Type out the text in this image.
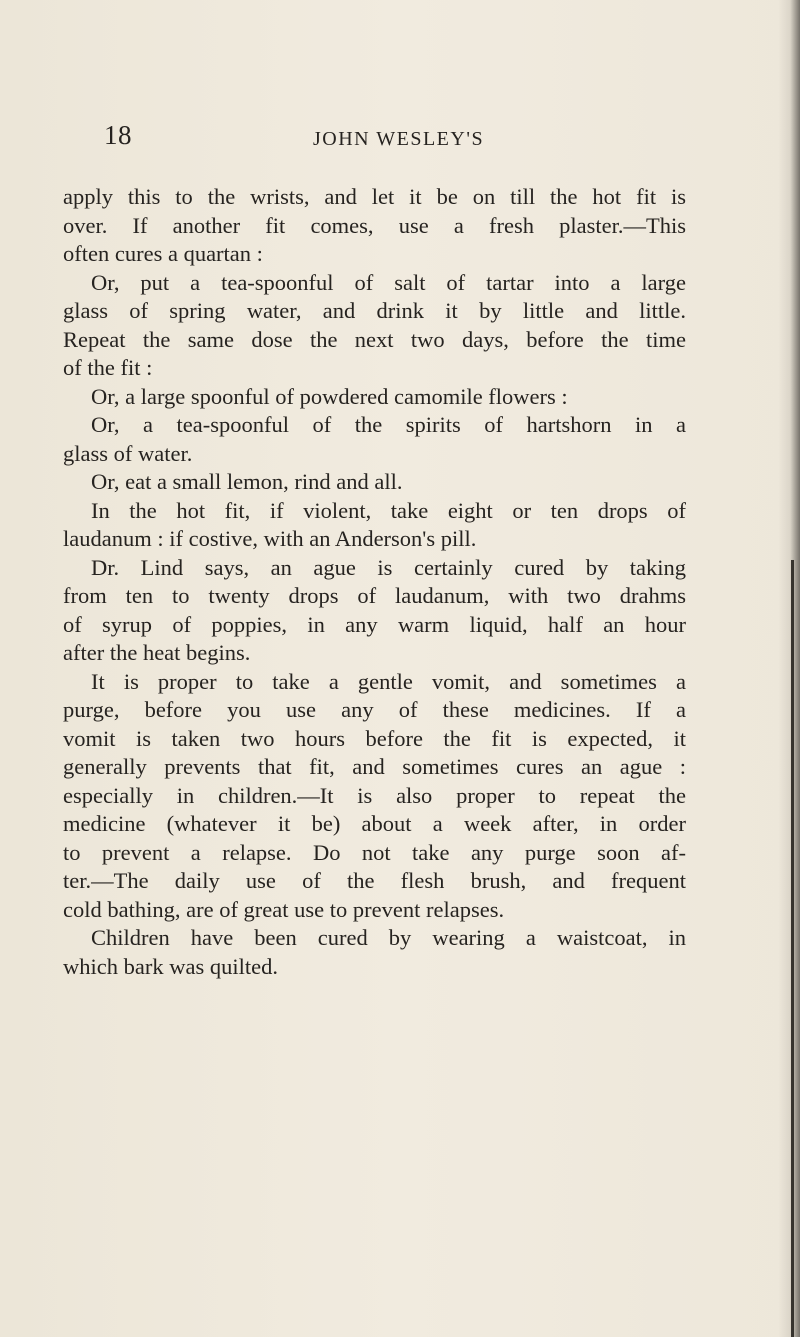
18	JOHN WESLEY'S
apply this to the wrists, and let it be on till the hot fit is
over. If another fit comes, use a fresh plaster.—This
often cures a quartan :
Or, put a tea-spoonful of salt of tartar into a large
glass of spring water, and drink it by little and little.
Repeat the same dose the next two days, before the time
of the fit :
Or, a large spoonful of powdered camomile flowers :
Or, a tea-spoonful of the spirits of hartshorn in a
glass of water.
Or, eat a small lemon, rind and all.
In the hot fit, if violent, take eight or ten drops of
laudanum : if costive, with an Anderson's pill.
Dr. Lind says, an ague is certainly cured by taking
from ten to twenty drops of laudanum, with two drahms
of syrup of poppies, in any warm liquid, half an hour
after the heat begins.
It is proper to take a gentle vomit, and sometimes a
purge, before you use any of these medicines. If a
vomit is taken two hours before the fit is expected, it
generally prevents that fit, and sometimes cures an ague :
especially in children.—It is also proper to repeat the
medicine (whatever it be) about a week after, in order
to prevent a relapse. Do not take any purge soon af-
ter.—The daily use of the flesh brush, and frequent
cold bathing, are of great use to prevent relapses.
Children have been cured by wearing a waistcoat, in
which bark was quilted.
